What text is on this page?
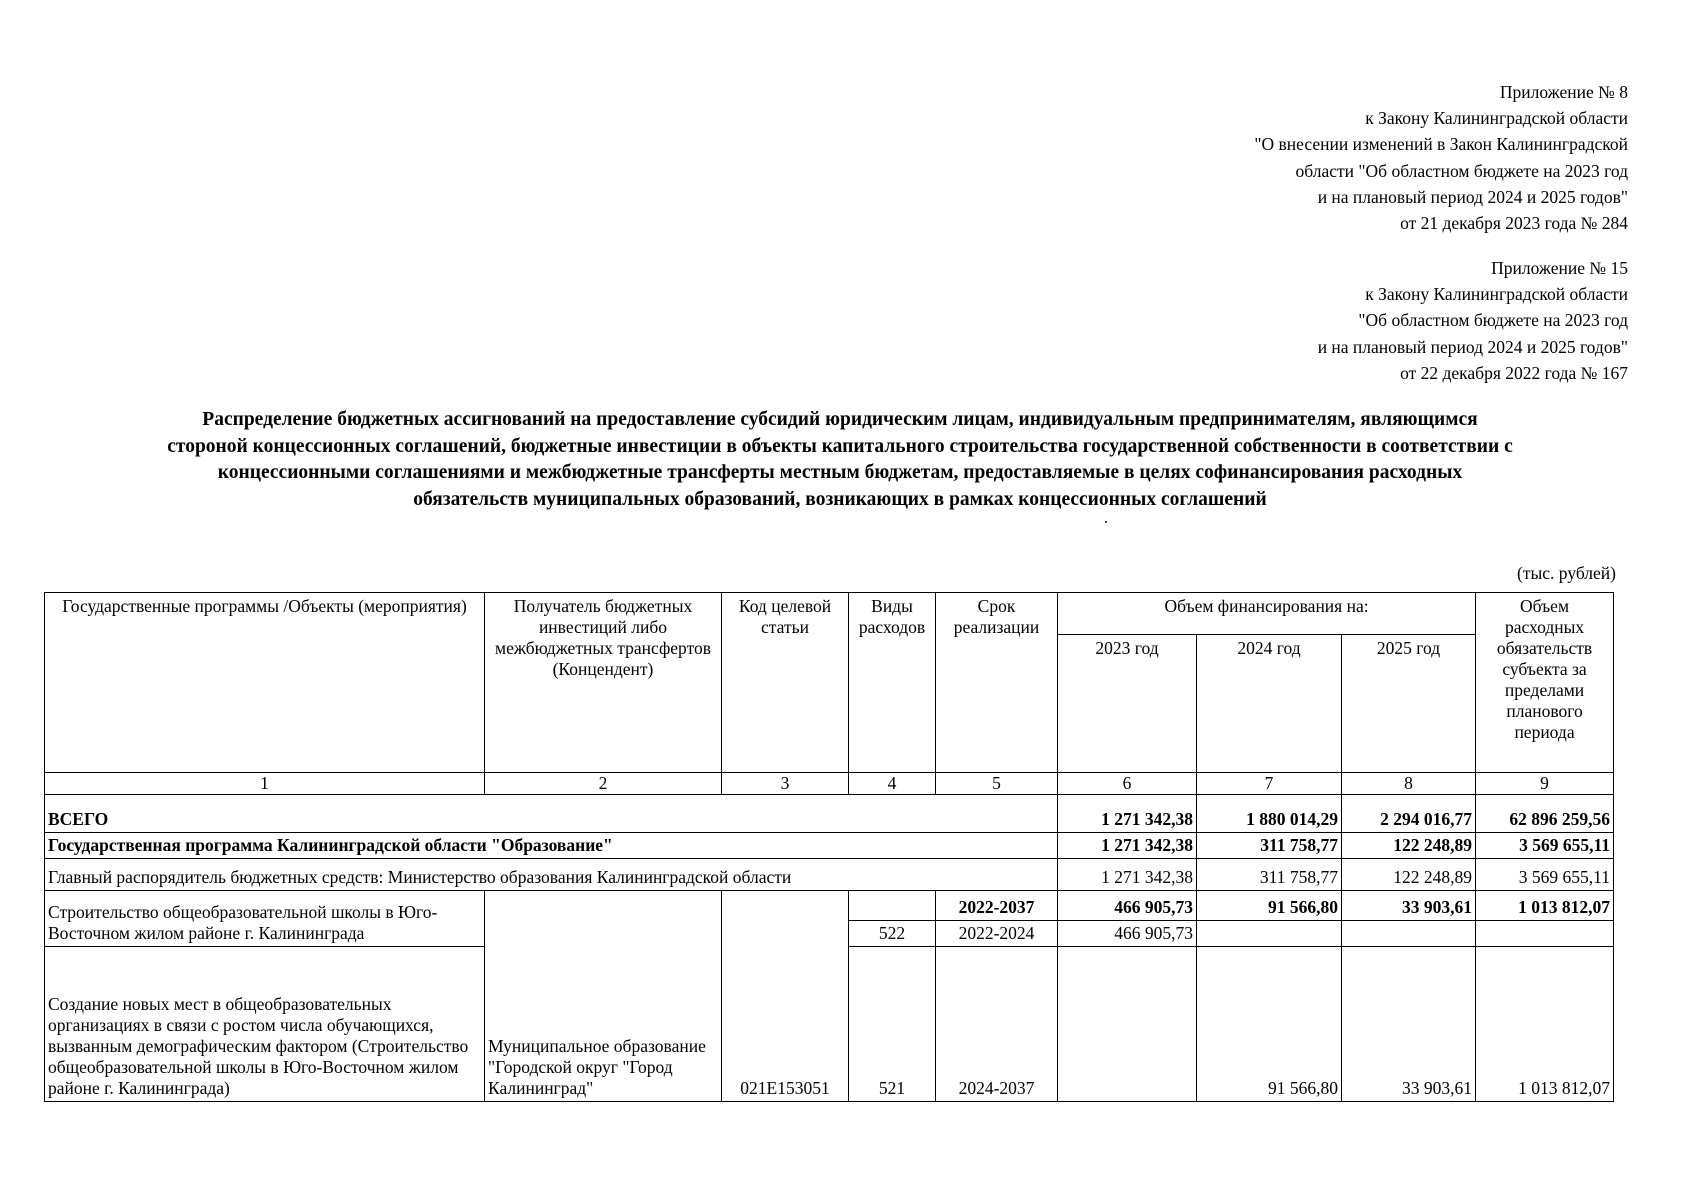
Приложение № 8
к Закону Калининградской области
"О внесении изменений в Закон Калининградской
области "Об областном бюджете на 2023 год
и на плановый период 2024 и 2025 годов"
от 21 декабря 2023 года № 284
Приложение № 15
к Закону Калининградской области
"Об областном бюджете на 2023 год
и на плановый период 2024 и 2025 годов"
от 22 декабря 2022 года № 167
Распределение бюджетных ассигнований на предоставление субсидий юридическим лицам, индивидуальным предпринимателям, являющимся
стороной концессионных соглашений, бюджетные инвестиции в объекты капитального строительства государственной собственности в соответствии с
концессионными соглашениями и межбюджетные трансферты местным бюджетам, предоставляемые в целях софинансирования расходных
обязательств муниципальных образований, возникающих в рамках концессионных соглашений
(тыс. рублей)
Государственные программы /Объекты (мероприятия)	Получатель бюджетных инвестиций либо межбюджетных трансфертов (Концендент)	Код целевой статьи	Виды расходов	Срок реализации	Объем финансирования на:			Объем расходных обязательств субъекта за пределами планового периода
					2023 год	2024 год	2025 год	
1	2	3	4	5	6	7	8	9
ВСЕГО					1 271 342,38	1 880 014,29	2 294 016,77	62 896 259,56
Государственная программа Калининградской области "Образование"					1 271 342,38	311 758,77	122 248,89	3 569 655,11
Главный распорядитель бюджетных средств: Министерство образования Калининградской области					1 271 342,38	311 758,77	122 248,89	3 569 655,11
Строительство общеобразовательной школы в Юго-Восточном жилом районе г. Калининграда	Муниципальное образование "Городской округ "Город Калининград"	021E153051		2022-2037	466 905,73	91 566,80	33 903,61	1 013 812,07
			522	2022-2024	466 905,73			
Создание новых мест в общеобразовательных организациях в связи с ростом числа обучающихся, вызванным демографическим фактором (Строительство общеобразовательной школы в Юго-Восточном жилом районе г. Калининграда)			521	2024-2037		91 566,80	33 903,61	1 013 812,07
